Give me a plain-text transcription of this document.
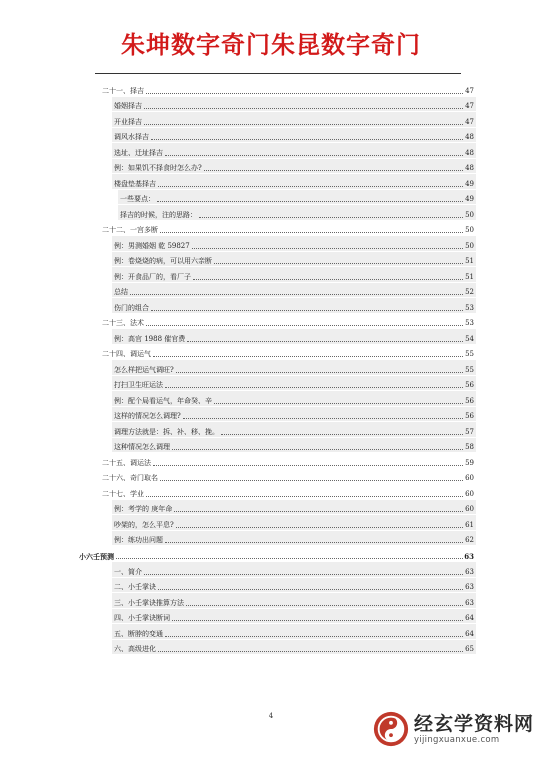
朱坤数字奇门朱昆数字奇门
二十一、择吉	47
婚姻择吉	47
开业择吉	47
调风水择吉	48
选址、迁址择吉	48
例：如果饥不择食时怎么办?	48
楼盘垫基择吉	49
一些要点：	49
择吉的时候，注的思路：	50
二十二、一宫多断	50
例：男测婚姻 乾 59827	50
例：卷烧烧的病，可以用六亲断	51
例：开食品厂的，看厂子	51
总结	52
伤门的组合	53
二十三、法术	53
例：高官 1988 催官费	54
二十四、调运气	55
怎么样把运气调旺?	55
打扫卫生旺运法	56
例：配个局看运气，年命癸、辛	56
这样的情况怎么调理?	56
调理方法就是：拆、补、移、挽。	57
这种情况怎么调理	58
二十五、调运法	59
二十六、奇门取名	60
二十七、学业	60
例：考学的 庚年命	60
吵架的，怎么平息?	61
例：练功出问题	62
小六壬预测	63
一、简介	63
二、小壬掌诀	63
三、小壬掌诀推算方法	63
四、小壬掌诀断词	64
五、断脖的变通	64
六、高级进化	65
4	经玄学资料网
yijingxuanxue.com
